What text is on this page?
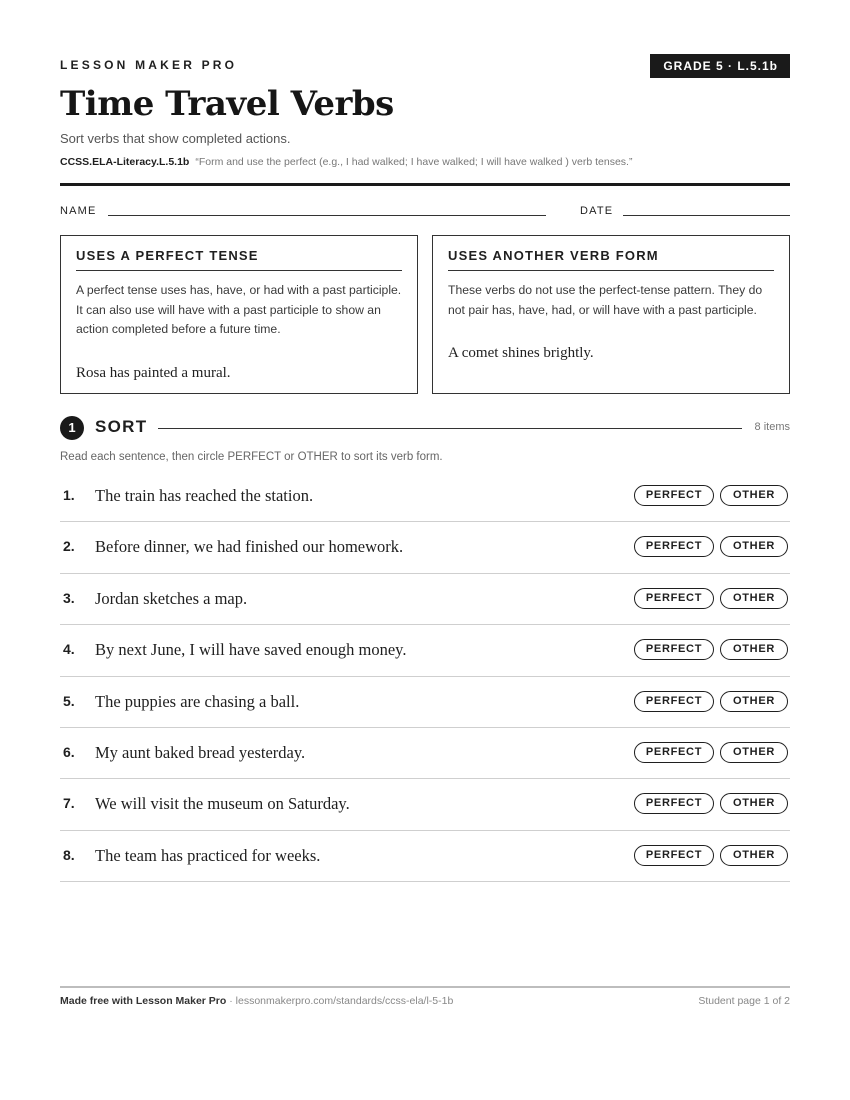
LESSON MAKER PRO	GRADE 5 · L.5.1b
Time Travel Verbs
Sort verbs that show completed actions.
CCSS.ELA-Literacy.L.5.1b “Form and use the perfect (e.g., I had walked; I have walked; I will have walked ) verb tenses.”
NAME	DATE
USES A PERFECT TENSE
A perfect tense uses has, have, or had with a past participle. It can also use will have with a past participle to show an action completed before a future time.
Rosa has painted a mural.
USES ANOTHER VERB FORM
These verbs do not use the perfect-tense pattern. They do not pair has, have, had, or will have with a past participle.
A comet shines brightly.
1	SORT	8 items
Read each sentence, then circle PERFECT or OTHER to sort its verb form.
1. The train has reached the station.	PERFECT	OTHER
2. Before dinner, we had finished our homework.	PERFECT	OTHER
3. Jordan sketches a map.	PERFECT	OTHER
4. By next June, I will have saved enough money.	PERFECT	OTHER
5. The puppies are chasing a ball.	PERFECT	OTHER
6. My aunt baked bread yesterday.	PERFECT	OTHER
7. We will visit the museum on Saturday.	PERFECT	OTHER
8. The team has practiced for weeks.	PERFECT	OTHER
Made free with Lesson Maker Pro · lessonmakerpro.com/standards/ccss-ela/l-5-1b	Student page 1 of 2
